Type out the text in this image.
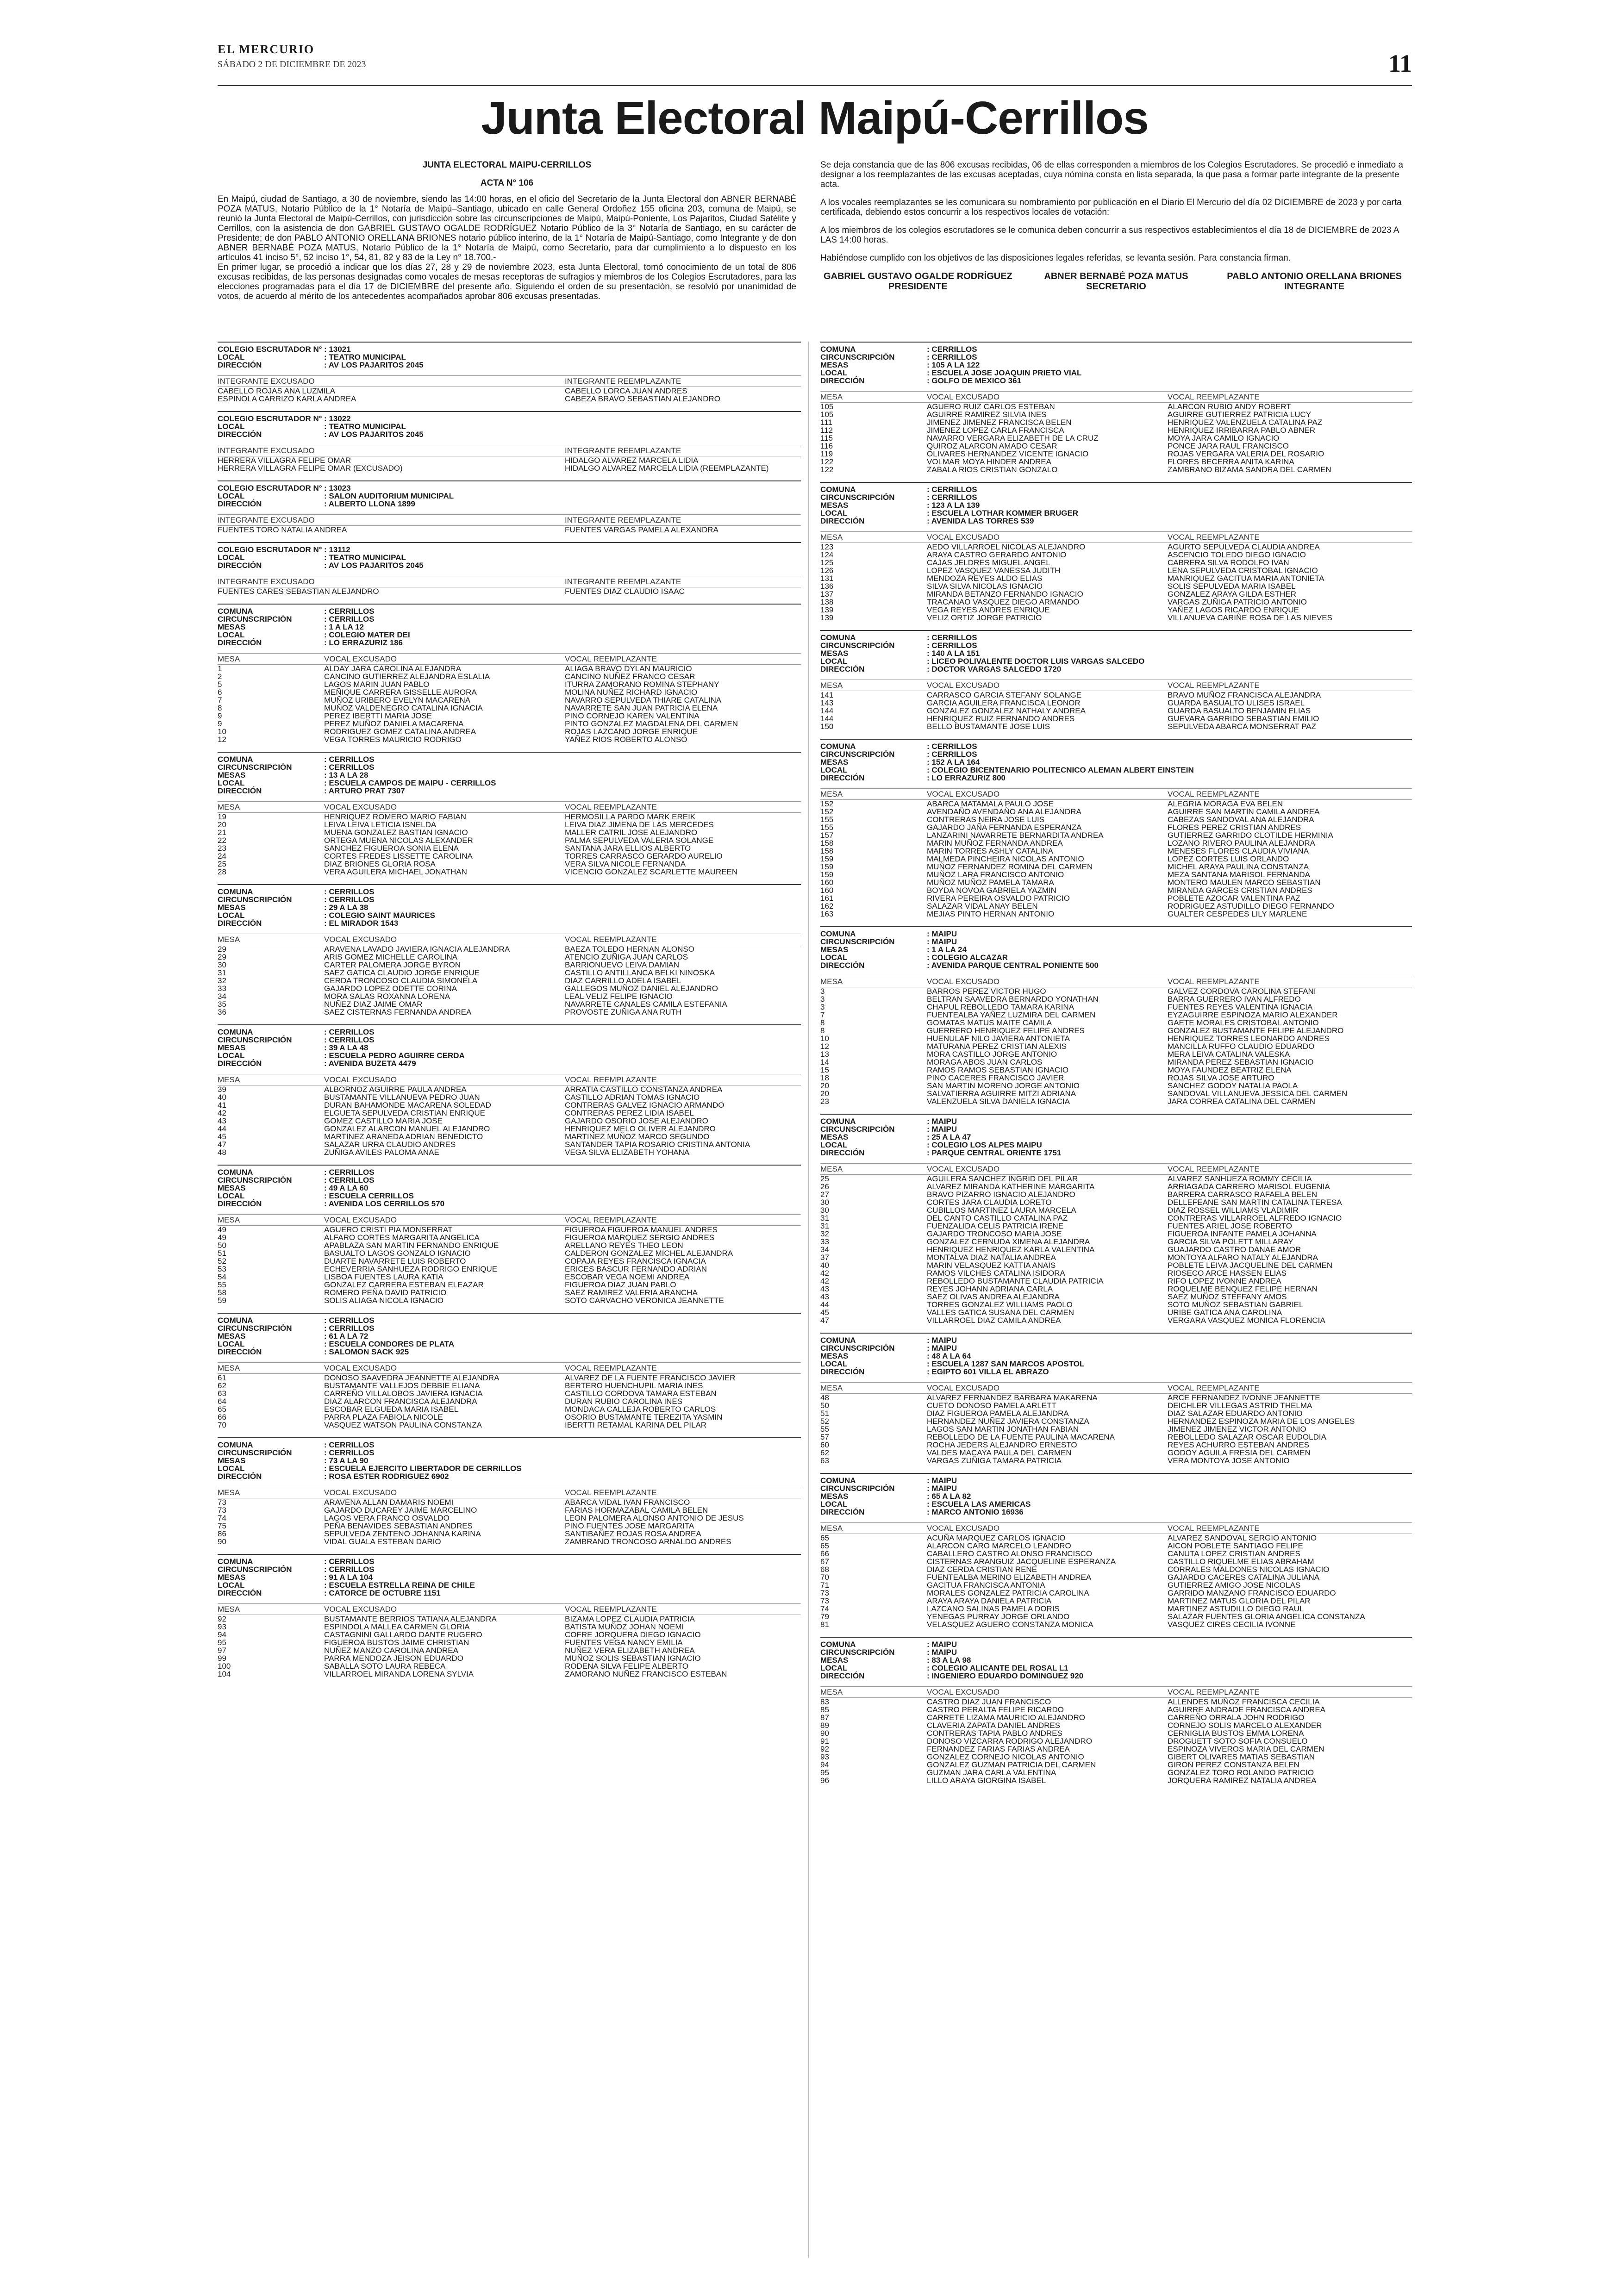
EL MERCURIO
SÁBADO 2 DE DICIEMBRE DE 2023	11
Junta Electoral Maipú-Cerrillos
JUNTA ELECTORAL MAIPU-CERRILLOS
ACTA N° 106

En Maipú, ciudad de Santiago, a 30 de noviembre, siendo las 14:00 horas, en el oficio del Secretario de la Junta Electoral don ABNER BERNABÉ POZA MATUS, Notario Público de la 1° Notaría de Maipú–Santiago, ubicado en calle General Ordoñez 155 oficina 203, comuna de Maipú, se reunió la Junta Electoral de Maipú-Cerrillos, con jurisdicción sobre las circunscripciones de Maipú, Maipú-Poniente, Los Pajaritos, Ciudad Satélite y Cerrillos, con la asistencia de don GABRIEL GUSTAVO OGALDE RODRÍGUEZ Notario Público de la 3° Notaría de Santiago, en su carácter de Presidente; de don PABLO ANTONIO ORELLANA BRIONES notario público interino, de la 1° Notaría de Maipú-Santiago, como Integrante y de don ABNER BERNABÉ POZA MATUS, Notario Público de la 1° Notaría de Maipú, como Secretario, para dar cumplimiento a lo dispuesto en los artículos 41 inciso 5°, 52 inciso 1°, 54, 81, 82 y 83 de la Ley n° 18.700.-

En primer lugar, se procedió a indicar que los días 27, 28 y 29 de noviembre 2023, esta Junta Electoral, tomó conocimiento de un total de 806 excusas recibidas, de las personas designadas como vocales de mesas receptoras de sufragios y miembros de los Colegios Escrutadores, para las elecciones programadas para el día 17 de DICIEMBRE del presente año. Siguiendo el orden de su presentación, se resolvió por unanimidad de votos, de acuerdo al mérito de los antecedentes acompañados aprobar 806 excusas presentadas.

Se deja constancia que de las 806 excusas recibidas, 06 de ellas corresponden a miembros de los Colegios Escrutadores. Se procedió e inmediato a designar a los reemplazantes de las excusas aceptadas, cuya nómina consta en lista separada, la que pasa a formar parte integrante de la presente acta.

A los vocales reemplazantes se les comunicara su nombramiento por publicación en el Diario El Mercurio del día 02 DICIEMBRE de 2023 y por carta certificada, debiendo estos concurrir a los respectivos locales de votación:

A los miembros de los colegios escrutadores se le comunica deben concurrir a sus respectivos establecimientos el día 18 de DICIEMBRE de 2023 A LAS 14:00 horas.

Habiéndose cumplido con los objetivos de las disposiciones legales referidas, se levanta sesión. Para constancia firman.

GABRIEL GUSTAVO OGALDE RODRÍGUEZ
PRESIDENTE
ABNER BERNABÉ POZA MATUS
SECRETARIO
PABLO ANTONIO ORELLANA BRIONES
INTEGRANTE
COLEGIO ESCRUTADOR N° : 13021
LOCAL	: TEATRO MUNICIPAL
DIRECCIÓN	: AV LOS PAJARITOS 2045
INTEGRANTE EXCUSADO	INTEGRANTE REEMPLAZANTE
CABELLO ROJAS ANA LUZMILA	CABELLO LORCA JUAN ANDRES
ESPINOLA CARRIZO KARLA ANDREA	CABEZA BRAVO SEBASTIAN ALEJANDRO
COLEGIO ESCRUTADOR N° : 13022
LOCAL	: TEATRO MUNICIPAL
DIRECCIÓN	: AV LOS PAJARITOS 2045
INTEGRANTE EXCUSADO	INTEGRANTE REEMPLAZANTE
HERRERA VILLAGRA FELIPE OMAR	HIDALGO ALVAREZ MARCELA LIDIA
HERRERA VILLAGRA FELIPE OMAR (EXCUSADO)	HIDALGO ALVAREZ MARCELA LIDIA (REEMPLAZANTE)
COLEGIO ESCRUTADOR N° : 13023
LOCAL	: SALON AUDITORIUM MUNICIPAL
DIRECCIÓN	: ALBERTO LLONA 1899
INTEGRANTE EXCUSADO	INTEGRANTE REEMPLAZANTE
FUENTES TORO NATALIA ANDREA	FUENTES VARGAS PAMELA ALEXANDRA
COLEGIO ESCRUTADOR N° : 13112
LOCAL	: TEATRO MUNICIPAL
DIRECCIÓN	: AV LOS PAJARITOS 2045
INTEGRANTE EXCUSADO	INTEGRANTE REEMPLAZANTE
FUENTES CARES SEBASTIAN ALEJANDRO	FUENTES DIAZ CLAUDIO ISAAC
COMUNA	: CERRILLOS
CIRCUNSCRIPCIÓN	: CERRILLOS
MESAS	: 1 A LA 12
LOCAL	: COLEGIO MATER DEI
DIRECCIÓN	: LO ERRAZURIZ 186
MESA	VOCAL EXCUSADO	VOCAL REEMPLAZANTE
1	ALDAY JARA CAROLINA ALEJANDRA	ALIAGA BRAVO DYLAN MAURICIO
2	CANCINO GUTIERREZ ALEJANDRA ESLALIA	CANCINO NUÑEZ FRANCO CESAR
5	LAGOS MARIN JUAN PABLO	ITURRA ZAMORANO ROMINA STEPHANY
6	MEÑIQUE CARRERA GISSELLE AURORA	MOLINA NUÑEZ RICHARD IGNACIO
7	MUÑOZ URIBERO EVELYN MACARENA	NAVARRO SEPULVEDA THIARE CATALINA
8	MUÑOZ VALDENEGRO CATALINA IGNACIA	NAVARRETE SAN JUAN PATRICIA ELENA
9	PEREZ IBERTTI MARIA JOSE	PINO CORNEJO KAREN VALENTINA
9	PEREZ MUÑOZ DANIELA MACARENA	PINTO GONZALEZ MAGDALENA DEL CARMEN
10	RODRIGUEZ GOMEZ CATALINA ANDREA	ROJAS LAZCANO JORGE ENRIQUE
12	VEGA TORRES MAURICIO RODRIGO	YAÑEZ RIOS ROBERTO ALONSO
COMUNA	: CERRILLOS
CIRCUNSCRIPCIÓN	: CERRILLOS
MESAS	: 13 A LA 28
LOCAL	: ESCUELA CAMPOS DE MAIPU - CERRILLOS
DIRECCIÓN	: ARTURO PRAT 7307
MESA	VOCAL EXCUSADO	VOCAL REEMPLAZANTE
19	HENRIQUEZ ROMERO MARIO FABIAN	HERMOSILLA PARDO MARK EREIK
20	LEIVA LEIVA LETICIA ISNELDA	LEIVA DIAZ JIMENA DE LAS MERCEDES
21	MUENA GONZALEZ BASTIAN IGNACIO	MALLER CATRIL JOSE ALEJANDRO
22	ORTEGA MUENA NICOLAS ALEXANDER	PALMA SEPULVEDA VALERIA SOLANGE
23	SANCHEZ FIGUEROA SONIA ELENA	SANTANA JARA ELLIOS ALBERTO
24	CORTES FREDES LISSETTE CAROLINA	TORRES CARRASCO GERARDO AURELIO
25	DIAZ BRIONES GLORIA ROSA	VERA SILVA NICOLE FERNANDA
28	VERA AGUILERA MICHAEL JONATHAN	VICENCIO GONZALEZ SCARLETTE MAUREEN
COMUNA	: CERRILLOS
CIRCUNSCRIPCIÓN	: CERRILLOS
MESAS	: 29 A LA 38
LOCAL	: COLEGIO SAINT MAURICES
DIRECCIÓN	: EL MIRADOR 1543
MESA	VOCAL EXCUSADO	VOCAL REEMPLAZANTE
29	ARAVENA LAVADO JAVIERA IGNACIA ALEJANDRA	BAEZA TOLEDO HERNAN ALONSO
29	ARIS GOMEZ MICHELLE CAROLINA	ATENCIO ZUÑIGA JUAN CARLOS
30	CARTER PALOMERA JORGE BYRON	BARRIONUEVO LEIVA DAMIAN
31	SAEZ GATICA CLAUDIO JORGE ENRIQUE	CASTILLO ANTILLANCA BELKI NINOSKA
32	CERDA TRONCOSO CLAUDIA SIMONELA	DIAZ CARRILLO ADELA ISABEL
33	GAJARDO LOPEZ ODETTE CORINA	GALLEGOS MUÑOZ DANIEL ALEJANDRO
34	MORA SALAS ROXANNA LORENA	LEAL VELIZ FELIPE IGNACIO
35	NUÑEZ DIAZ JAIME OMAR	NAVARRETE CANALES CAMILA ESTEFANIA
36	SAEZ CISTERNAS FERNANDA ANDREA	PROVOSTE ZUÑIGA ANA RUTH
COMUNA	: CERRILLOS
CIRCUNSCRIPCIÓN	: CERRILLOS
MESAS	: 39 A LA 48
LOCAL	: ESCUELA PEDRO AGUIRRE CERDA
DIRECCIÓN	: AVENIDA BUZETA 4479
MESA	VOCAL EXCUSADO	VOCAL REEMPLAZANTE
39	ALBORNOZ AGUIRRE PAULA ANDREA	ARRATIA CASTILLO CONSTANZA ANDREA
40	BUSTAMANTE VILLANUEVA PEDRO JUAN	CASTILLO ADRIAN TOMAS IGNACIO
41	DURAN BAHAMONDE MACARENA SOLEDAD	CONTRERAS GALVEZ IGNACIO ARMANDO
42	ELGUETA SEPULVEDA CRISTIAN ENRIQUE	CONTRERAS PEREZ LIDIA ISABEL
43	GOMEZ CASTILLO MARIA JOSE	GAJARDO OSORIO JOSE ALEJANDRO
44	GONZALEZ ALARCON MANUEL ALEJANDRO	HENRIQUEZ MELO OLIVER ALEJANDRO
45	MARTINEZ ARANEDA ADRIAN BENEDICTO	MARTINEZ MUÑOZ MARCO SEGUNDO
47	SALAZAR URRA CLAUDIO ANDRES	SANTANDER TAPIA ROSARIO CRISTINA ANTONIA
48	ZUÑIGA AVILES PALOMA ANAE	VEGA SILVA ELIZABETH YOHANA
COMUNA	: CERRILLOS
CIRCUNSCRIPCIÓN	: CERRILLOS
MESAS	: 49 A LA 60
LOCAL	: ESCUELA CERRILLOS
DIRECCIÓN	: AVENIDA LOS CERRILLOS 570
MESA	VOCAL EXCUSADO	VOCAL REEMPLAZANTE
49	AGUERO CRISTI PIA MONSERRAT	FIGUEROA FIGUEROA MANUEL ANDRES
49	ALFARO CORTES MARGARITA ANGELICA	FIGUEROA MARQUEZ SERGIO ANDRES
50	APABLAZA SAN MARTIN FERNANDO ENRIQUE	ARELLANO REYES THEO LEON
51	BASUALTO LAGOS GONZALO IGNACIO	CALDERON GONZALEZ MICHEL ALEJANDRA
52	DUARTE NAVARRETE LUIS ROBERTO	COPAJA REYES FRANCISCA IGNACIA
53	ECHEVERRIA SANHUEZA RODRIGO ENRIQUE	ERICES BASCUR FERNANDO ADRIAN
54	LISBOA FUENTES LAURA KATIA	ESCOBAR VEGA NOEMI ANDREA
55	GONZALEZ CARRERA ESTEBAN ELEAZAR	FIGUEROA DIAZ JUAN PABLO
58	ROMERO PEÑA DAVID PATRICIO	SAEZ RAMIREZ VALERIA ARANCHA
59	SOLIS ALIAGA NICOLA IGNACIO	SOTO CARVACHO VERONICA JEANNETTE
COMUNA	: CERRILLOS
CIRCUNSCRIPCIÓN	: CERRILLOS
MESAS	: 61 A LA 72
LOCAL	: ESCUELA CONDORES DE PLATA
DIRECCIÓN	: SALOMON SACK 925
MESA	VOCAL EXCUSADO	VOCAL REEMPLAZANTE
61	DONOSO SAAVEDRA JEANNETTE ALEJANDRA	ALVAREZ DE LA FUENTE FRANCISCO JAVIER
62	BUSTAMANTE VALLEJOS DEBBIE ELIANA	BERTERO HUENCHUPIL MARIA INES
63	CARREÑO VILLALOBOS JAVIERA IGNACIA	CASTILLO CORDOVA TAMARA ESTEBAN
64	DIAZ ALARCON FRANCISCA ALEJANDRA	DURAN RUBIO CAROLINA INES
65	ESCOBAR ELGUEDA MARIA ISABEL	MONDACA CALLEJA ROBERTO CARLOS
66	PARRA PLAZA FABIOLA NICOLE	OSORIO BUSTAMANTE TEREZITA YASMIN
70	VASQUEZ WATSON PAULINA CONSTANZA	IBERTTI RETAMAL KARINA DEL PILAR
COMUNA	: CERRILLOS
CIRCUNSCRIPCIÓN	: CERRILLOS
MESAS	: 73 A LA 90
LOCAL	: ESCUELA EJERCITO LIBERTADOR DE CERRILLOS
DIRECCIÓN	: ROSA ESTER RODRIGUEZ 6902
MESA	VOCAL EXCUSADO	VOCAL REEMPLAZANTE
73	ARAVENA ALLAN DAMARIS NOEMI	ABARCA VIDAL IVAN FRANCISCO
73	GAJARDO DUCAREY JAIME MARCELINO	FARIAS HORMAZABAL CAMILA BELEN
74	LAGOS VERA FRANCO OSVALDO	LEON PALOMERA ALONSO ANTONIO DE JESUS
75	PEÑA BENAVIDES SEBASTIAN ANDRES	PINO FUENTES JOSE MARGARITA
86	SEPULVEDA ZENTENO JOHANNA KARINA	SANTIBAÑEZ ROJAS ROSA ANDREA
90	VIDAL GUALA ESTEBAN DARIO	ZAMBRANO TRONCOSO ARNALDO ANDRES
COMUNA	: CERRILLOS
CIRCUNSCRIPCIÓN	: CERRILLOS
MESAS	: 91 A LA 104
LOCAL	: ESCUELA ESTRELLA REINA DE CHILE
DIRECCIÓN	: CATORCE DE OCTUBRE 1151
MESA	VOCAL EXCUSADO	VOCAL REEMPLAZANTE
92	BUSTAMANTE BERRIOS TATIANA ALEJANDRA	BIZAMA LOPEZ CLAUDIA PATRICIA
93	ESPINDOLA MALLEA CARMEN GLORIA	BATISTA MUÑOZ JOHAN NOEMI
94	CASTAGNINI GALLARDO DANTE RUGERO	COFRE JORQUERA DIEGO IGNACIO
95	FIGUEROA BUSTOS JAIME CHRISTIAN	FUENTES VEGA NANCY EMILIA
97	NUÑEZ MANZO CAROLINA ANDREA	NUÑEZ VERA ELIZABETH ANDREA
99	PARRA MENDOZA JEISON EDUARDO	MUÑOZ SOLIS SEBASTIAN IGNACIO
100	SABALLA SOTO LAURA REBECA	RODENA SILVA FELIPE ALBERTO
104	VILLARROEL MIRANDA LORENA SYLVIA	ZAMORANO NUÑEZ FRANCISCO ESTEBAN
COMUNA	: CERRILLOS
CIRCUNSCRIPCIÓN	: CERRILLOS
MESAS	: 105 A LA 122
LOCAL	: ESCUELA JOSE JOAQUIN PRIETO VIAL
DIRECCIÓN	: GOLFO DE MEXICO 361
MESA	VOCAL EXCUSADO	VOCAL REEMPLAZANTE
105	AGUERO RUIZ CARLOS ESTEBAN	ALARCON RUBIO ANDY ROBERT
105	AGUIRRE RAMIREZ SILVIA INES	AGUIRRE GUTIERREZ PATRICIA LUCY
111	JIMENEZ JIMENEZ FRANCISCA BELEN	HENRIQUEZ VALENZUELA CATALINA PAZ
112	JIMENEZ LOPEZ CARLA FRANCISCA	HENRIQUEZ IRRIBARRA PABLO ABNER
115	NAVARRO VERGARA ELIZABETH DE LA CRUZ	MOYA JARA CAMILO IGNACIO
116	QUIROZ ALARCON AMADO CESAR	PONCE JARA RAUL FRANCISCO
119	OLIVARES HERNANDEZ VICENTE IGNACIO	ROJAS VERGARA VALERIA DEL ROSARIO
122	VOLMAR MOYA HINDER ANDREA	FLORES BECERRA ANITA KARINA
122	ZABALA RIOS CRISTIAN GONZALO	ZAMBRANO BIZAMA SANDRA DEL CARMEN
COMUNA	: CERRILLOS
CIRCUNSCRIPCIÓN	: CERRILLOS
MESAS	: 123 A LA 139
LOCAL	: ESCUELA LOTHAR KOMMER BRUGER
DIRECCIÓN	: AVENIDA LAS TORRES 539
MESA	VOCAL EXCUSADO	VOCAL REEMPLAZANTE
123	AEDO VILLARROEL NICOLAS ALEJANDRO	AGURTO SEPULVEDA CLAUDIA ANDREA
124	ARAYA CASTRO GERARDO ANTONIO	ASCENCIO TOLEDO DIEGO IGNACIO
125	CAJAS JELDRES MIGUEL ANGEL	CABRERA SILVA RODOLFO IVAN
126	LOPEZ VASQUEZ VANESSA JUDITH	LENA SEPULVEDA CRISTOBAL IGNACIO
131	MENDOZA REYES ALDO ELIAS	MANRIQUEZ GACITUA MARIA ANTONIETA
136	SILVA SILVA NICOLAS IGNACIO	SOLIS SEPULVEDA MARIA ISABEL
137	MIRANDA BETANZO FERNANDO IGNACIO	GONZALEZ ARAYA GILDA ESTHER
138	TRACANAO VASQUEZ DIEGO ARMANDO	VARGAS ZUÑIGA PATRICIO ANTONIO
139	VEGA REYES ANDRES ENRIQUE	YAÑEZ LAGOS RICARDO ENRIQUE
139	VELIZ ORTIZ JORGE PATRICIO	VILLANUEVA CARIÑE ROSA DE LAS NIEVES
COMUNA	: CERRILLOS
CIRCUNSCRIPCIÓN	: CERRILLOS
MESAS	: 140 A LA 151
LOCAL	: LICEO POLIVALENTE DOCTOR LUIS VARGAS SALCEDO
DIRECCIÓN	: DOCTOR VARGAS SALCEDO 1720
MESA	VOCAL EXCUSADO	VOCAL REEMPLAZANTE
141	CARRASCO GARCIA STEFANY SOLANGE	BRAVO MUÑOZ FRANCISCA ALEJANDRA
143	GARCIA AGUILERA FRANCISCA LEONOR	GUARDA BASUALTO ULISES ISRAEL
144	GONZALEZ GONZALEZ NATHALY ANDREA	GUARDA BASUALTO BENJAMIN ELIAS
144	HENRIQUEZ RUIZ FERNANDO ANDRES	GUEVARA GARRIDO SEBASTIAN EMILIO
150	BELLO BUSTAMANTE JOSE LUIS	SEPULVEDA ABARCA MONSERRAT PAZ
COMUNA	: CERRILLOS
CIRCUNSCRIPCIÓN	: CERRILLOS
MESAS	: 152 A LA 164
LOCAL	: COLEGIO BICENTENARIO POLITECNICO ALEMAN ALBERT EINSTEIN
DIRECCIÓN	: LO ERRAZURIZ 800
MESA	VOCAL EXCUSADO	VOCAL REEMPLAZANTE
152	ABARCA MATAMALA PAULO JOSE	ALEGRIA MORAGA EVA BELEN
152	AVENDAÑO AVENDAÑO ANA ALEJANDRA	AGUIRRE SAN MARTIN CAMILA ANDREA
155	CONTRERAS NEIRA JOSE LUIS	CABEZAS SANDOVAL ANA ALEJANDRA
155	GAJARDO JAÑA FERNANDA ESPERANZA	FLORES PEREZ CRISTIAN ANDRES
157	LANZARINI NAVARRETE BERNARDITA ANDREA	GUTIERREZ GARRIDO CLOTILDE HERMINIA
158	MARIN MUÑOZ FERNANDA ANDREA	LOZANO RIVERO PAULINA ALEJANDRA
158	MARIN TORRES ASHLY CATALINA	MENESES FLORES CLAUDIA VIVIANA
159	MALMEDA PINCHEIRA NICOLAS ANTONIO	LOPEZ CORTES LUIS ORLANDO
159	MUÑOZ FERNANDEZ ROMINA DEL CARMEN	MICHEL ARAYA PAULINA CONSTANZA
159	MUÑOZ LARA FRANCISCO ANTONIO	MEZA SANTANA MARISOL FERNANDA
160	MUÑOZ MUÑOZ PAMELA TAMARA	MONTERO MAULEN MARCO SEBASTIAN
160	BOYDA NOVOA GABRIELA YAZMIN	MIRANDA GARCES CRISTIAN ANDRES
161	RIVERA PEREIRA OSVALDO PATRICIO	POBLETE AZOCAR VALENTINA PAZ
162	SALAZAR VIDAL ANAY BELEN	RODRIGUEZ ASTUDILLO DIEGO FERNANDO
163	MEJIAS PINTO HERNAN ANTONIO	GUALTER CESPEDES LILY MARLENE
COMUNA	: MAIPU
CIRCUNSCRIPCIÓN	: MAIPU
MESAS	: 1 A LA 24
LOCAL	: COLEGIO ALCAZAR
DIRECCIÓN	: AVENIDA PARQUE CENTRAL PONIENTE 500
MESA	VOCAL EXCUSADO	VOCAL REEMPLAZANTE
3	BARROS PEREZ VICTOR HUGO	GALVEZ CORDOVA CAROLINA STEFANI
3	BELTRAN SAAVEDRA BERNARDO YONATHAN	BARRA GUERRERO IVAN ALFREDO
3	CHAPUL REBOLLEDO TAMARA KARINA	FUENTES REYES VALENTINA IGNACIA
7	FUENTEALBA YAÑEZ LUZMIRA DEL CARMEN	EYZAGUIRRE ESPINOZA MARIO ALEXANDER
8	GOMATAS MATUS MAITE CAMILA	GAETE MORALES CRISTOBAL ANTONIO
8	GUERRERO HENRIQUEZ FELIPE ANDRES	GONZALEZ BUSTAMANTE FELIPE ALEJANDRO
10	HUENULAF NILO JAVIERA ANTONIETA	HENRIQUEZ TORRES LEONARDO ANDRES
12	MATURANA PEREZ CRISTIAN ALEXIS	MANCILLA RUFFO CLAUDIO EDUARDO
13	MORA CASTILLO JORGE ANTONIO	MERA LEIVA CATALINA VALESKA
14	MORAGA ABOS JUAN CARLOS	MIRANDA PEREZ SEBASTIAN IGNACIO
15	RAMOS RAMOS SEBASTIAN IGNACIO	MOYA FAUNDEZ BEATRIZ ELENA
18	PINO CACERES FRANCISCO JAVIER	ROJAS SILVA JOSE ARTURO
20	SAN MARTIN MORENO JORGE ANTONIO	SANCHEZ GODOY NATALIA PAOLA
20	SALVATIERRA AGUIRRE MITZI ADRIANA	SANDOVAL VILLANUEVA JESSICA DEL CARMEN
23	VALENZUELA SILVA DANIELA IGNACIA	JARA CORREA CATALINA DEL CARMEN
COMUNA	: MAIPU
CIRCUNSCRIPCIÓN	: MAIPU
MESAS	: 25 A LA 47
LOCAL	: COLEGIO LOS ALPES MAIPU
DIRECCIÓN	: PARQUE CENTRAL ORIENTE 1751
MESA	VOCAL EXCUSADO	VOCAL REEMPLAZANTE
25	AGUILERA SANCHEZ INGRID DEL PILAR	ALVAREZ SANHUEZA ROMMY CECILIA
26	ALVAREZ MIRANDA KATHERINE MARGARITA	ARRIAGADA CARRERO MARISOL EUGENIA
27	BRAVO PIZARRO IGNACIO ALEJANDRO	BARRERA CARRASCO RAFAELA BELEN
30	CORTES JARA CLAUDIA LORETO	DELLEFEANE SAN MARTIN CATALINA TERESA
30	CUBILLOS MARTINEZ LAURA MARCELA	DIAZ ROSSEL WILLIAMS VLADIMIR
31	DEL CANTO CASTILLO CATALINA PAZ	CONTRERAS VILLARROEL ALFREDO IGNACIO
31	FUENZALIDA CELIS PATRICIA IRENE	FUENTES ARIEL JOSE ROBERTO
32	GAJARDO TRONCOSO MARIA JOSE	FIGUEROA INFANTE PAMELA JOHANNA
33	GONZALEZ CERNUDA XIMENA ALEJANDRA	GARCIA SILVA POLETT MILLARAY
34	HENRIQUEZ HENRIQUEZ KARLA VALENTINA	GUAJARDO CASTRO DANAE AMOR
37	MONTALVA DIAZ NATALIA ANDREA	MONTOYA ALFARO NATALY ALEJANDRA
40	MARIN VELASQUEZ KATTIA ANAIS	POBLETE LEIVA JACQUELINE DEL CARMEN
42	RAMOS VILCHES CATALINA ISIDORA	RIOSECO ARCE HASSEN ELIAS
42	REBOLLEDO BUSTAMANTE CLAUDIA PATRICIA	RIFO LOPEZ IVONNE ANDREA
43	REYES JOHANN ADRIANA CARLA	ROQUELME BENQUEZ FELIPE HERNAN
43	SAEZ OLIVAS ANDREA ALEJANDRA	SAEZ MUÑOZ STEFFANY AMOS
44	TORRES GONZALEZ WILLIAMS PAOLO	SOTO MUÑOZ SEBASTIAN GABRIEL
45	VALLES GATICA SUSANA DEL CARMEN	URIBE GATICA ANA CAROLINA
47	VILLARROEL DIAZ CAMILA ANDREA	VERGARA VASQUEZ MONICA FLORENCIA
COMUNA	: MAIPU
CIRCUNSCRIPCIÓN	: MAIPU
MESAS	: 48 A LA 64
LOCAL	: ESCUELA 1287 SAN MARCOS APOSTOL
DIRECCIÓN	: EGIPTO 601 VILLA EL ABRAZO
MESA	VOCAL EXCUSADO	VOCAL REEMPLAZANTE
48	ALVAREZ FERNANDEZ BARBARA MAKARENA	ARCE FERNANDEZ IVONNE JEANNETTE
50	CUETO DONOSO PAMELA ARLETT	DEICHLER VILLEGAS ASTRID THELMA
51	DIAZ FIGUEROA PAMELA ALEJANDRA	DIAZ SALAZAR EDUARDO ANTONIO
52	HERNANDEZ NUÑEZ JAVIERA CONSTANZA	HERNANDEZ ESPINOZA MARIA DE LOS ANGELES
55	LAGOS SAN MARTIN JONATHAN FABIAN	JIMENEZ JIMENEZ VICTOR ANTONIO
57	REBOLLEDO DE LA FUENTE PAULINA MACARENA	REBOLLEDO SALAZAR OSCAR EUDOLDIA
60	ROCHA JEDERS ALEJANDRO ERNESTO	REYES ACHURRO ESTEBAN ANDRES
62	VALDES MACAYA PAULA DEL CARMEN	GODOY AGUILA FRESIA DEL CARMEN
63	VARGAS ZUÑIGA TAMARA PATRICIA	VERA MONTOYA JOSE ANTONIO
COMUNA	: MAIPU
CIRCUNSCRIPCIÓN	: MAIPU
MESAS	: 65 A LA 82
LOCAL	: ESCUELA LAS AMERICAS
DIRECCIÓN	: MARCO ANTONIO 16936
MESA	VOCAL EXCUSADO	VOCAL REEMPLAZANTE
65	ACUÑA MARQUEZ CARLOS IGNACIO	ALVAREZ SANDOVAL SERGIO ANTONIO
65	ALARCON CARO MARCELO LEANDRO	AICON POBLETE SANTIAGO FELIPE
66	CABALLERO CASTRO ALONSO FRANCISCO	CANUTA LOPEZ CRISTIAN ANDRES
67	CISTERNAS ARANGUIZ JACQUELINE ESPERANZA	CASTILLO RIQUELME ELIAS ABRAHAM
68	DIAZ CERDA CRISTIAN RENE	CORRALES MALDONES NICOLAS IGNACIO
70	FUENTEALBA MERINO ELIZABETH ANDREA	GAJARDO CACERES CATALINA JULIANA
71	GACITUA FRANCISCA ANTONIA	GUTIERREZ AMIGO JOSE NICOLAS
73	MORALES GONZALEZ PATRICIA CAROLINA	GARRIDO MANZANO FRANCISCO EDUARDO
73	ARAYA ARAYA DANIELA PATRICIA	MARTINEZ MATUS GLORIA DEL PILAR
74	LAZCANO SALINAS PAMELA DORIS	MARTINEZ ASTUDILLO DIEGO RAUL
79	YENEGAS PURRAY JORGE ORLANDO	SALAZAR FUENTES GLORIA ANGELICA CONSTANZA
81	VELASQUEZ AGUERO CONSTANZA MONICA	VASQUEZ CIRES CECILIA IVONNE
COMUNA	: MAIPU
CIRCUNSCRIPCIÓN	: MAIPU
MESAS	: 83 A LA 98
LOCAL	: COLEGIO ALICANTE DEL ROSAL L1
DIRECCIÓN	: INGENIERO EDUARDO DOMINGUEZ 920
MESA	VOCAL EXCUSADO	VOCAL REEMPLAZANTE
83	CASTRO DIAZ JUAN FRANCISCO	ALLENDES MUÑOZ FRANCISCA CECILIA
85	CASTRO PERALTA FELIPE RICARDO	AGUIRRE ANDRADE FRANCISCA ANDREA
87	CARRETE LIZAMA MAURICIO ALEJANDRO	CARREÑO ORRALA JOHN RODRIGO
89	CLAVERIA ZAPATA DANIEL ANDRES	CORNEJO SOLIS MARCELO ALEXANDER
90	CONTRERAS TAPIA PABLO ANDRES	CERNIGLIA BUSTOS EMMA LORENA
91	DONOSO VIZCARRA RODRIGO ALEJANDRO	DROGUETT SOTO SOFIA CONSUELO
92	FERNANDEZ FARIAS FARIAS ANDREA	ESPINOZA VIVEROS MARIA DEL CARMEN
93	GONZALEZ CORNEJO NICOLAS ANTONIO	GIBERT OLIVARES MATIAS SEBASTIAN
94	GONZALEZ GUZMAN PATRICIA DEL CARMEN	GIRON PEREZ CONSTANZA BELEN
95	GUZMAN JARA CARLA VALENTINA	GONZALEZ TORO ROLANDO PATRICIO
96	LILLO ARAYA GIORGINA ISABEL	JORQUERA RAMIREZ NATALIA ANDREA
